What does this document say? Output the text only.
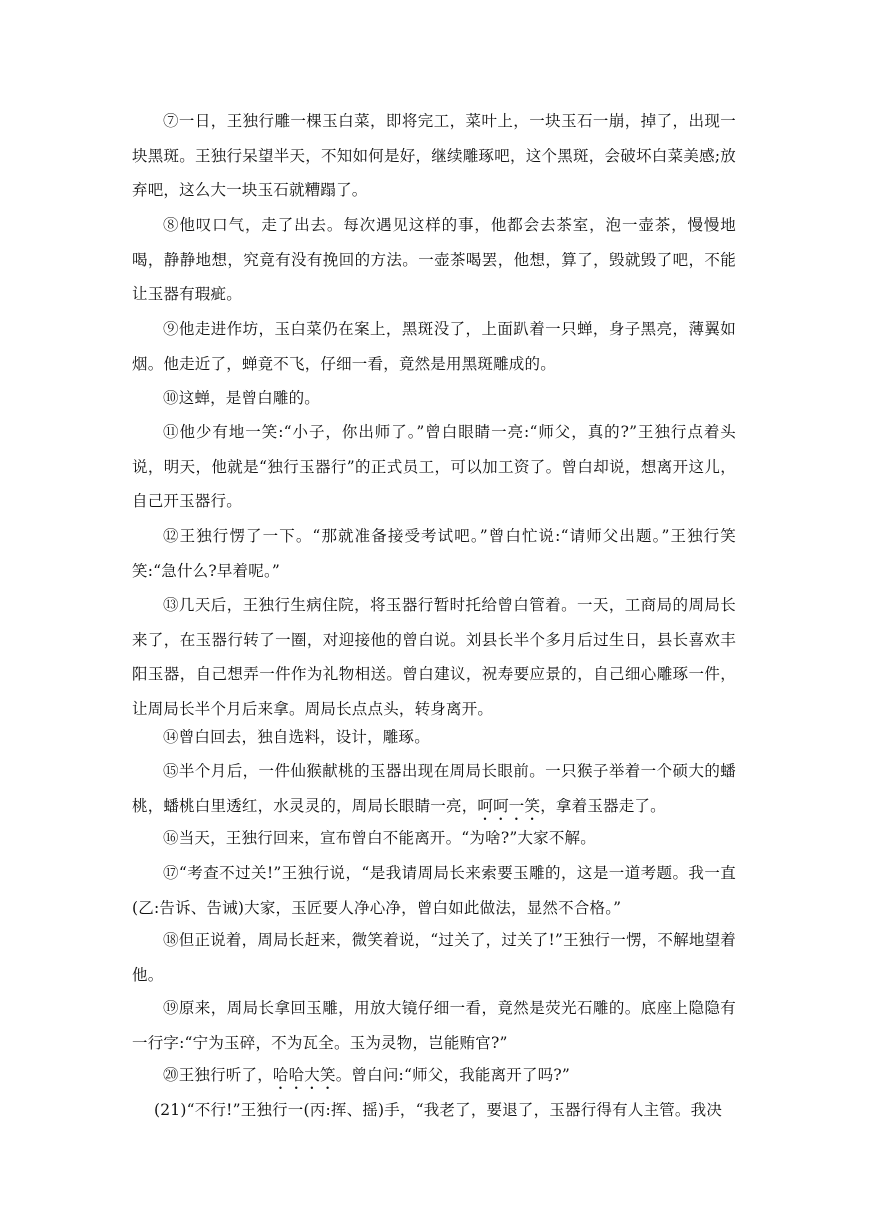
⑦一日，王独行雕一棵玉白菜，即将完工，菜叶上，一块玉石一崩，掉了，出现一块黑斑。王独行呆望半天，不知如何是好，继续雕琢吧，这个黑斑，会破坏白菜美感;放弃吧，这么大一块玉石就糟蹋了。

⑧他叹口气，走了出去。每次遇见这样的事，他都会去茶室，泡一壶茶，慢慢地喝，静静地想，究竟有没有挽回的方法。一壶茶喝罢，他想，算了，毁就毁了吧，不能让玉器有瑕疵。

⑨他走进作坊，玉白菜仍在案上，黑斑没了，上面趴着一只蝉，身子黑亮，薄翼如烟。他走近了，蝉竟不飞，仔细一看，竟然是用黑斑雕成的。

⑩这蝉，是曾白雕的。

⑪他少有地一笑:“小子，你出师了。”曾白眼睛一亮:“师父，真的?”王独行点着头说，明天，他就是“独行玉器行”的正式员工，可以加工资了。曾白却说，想离开这儿，自己开玉器行。

⑫王独行愣了一下。“那就准备接受考试吧。”曾白忙说:“请师父出题。”王独行笑笑:“急什么?早着呢。”

⑬几天后，王独行生病住院，将玉器行暂时托给曾白管着。一天，工商局的周局长来了，在玉器行转了一圈，对迎接他的曾白说。刘县长半个多月后过生日，县长喜欢丰阳玉器，自己想弄一件作为礼物相送。曾白建议，祝寿要应景的，自己细心雕琢一件，让周局长半个月后来拿。周局长点点头，转身离开。

⑭曾白回去，独自选料，设计，雕琢。

⑮半个月后，一件仙猴献桃的玉器出现在周局长眼前。一只猴子举着一个硕大的蟠桃，蟠桃白里透红，水灵灵的，周局长眼睛一亮，呵呵一笑，拿着玉器走了。

⑯当天，王独行回来，宣布曾白不能离开。“为啥?”大家不解。

⑰“考查不过关!”王独行说，“是我请周局长来索要玉雕的，这是一道考题。我一直(乙:告诉、告诫)大家，玉匠要人净心净，曾白如此做法，显然不合格。”

⑱但正说着，周局长赶来，微笑着说，“过关了，过关了!”王独行一愣，不解地望着他。

⑲原来，周局长拿回玉雕，用放大镜仔细一看，竟然是荧光石雕的。底座上隐隐有一行字:“宁为玉碎，不为瓦全。玉为灵物，岂能贿官?”

⑳王独行听了，哈哈大笑。曾白问:“师父，我能离开了吗?”

(21)“不行!”王独行一(丙:挥、摇)手，“我老了，要退了，玉器行得有人主管。我决
